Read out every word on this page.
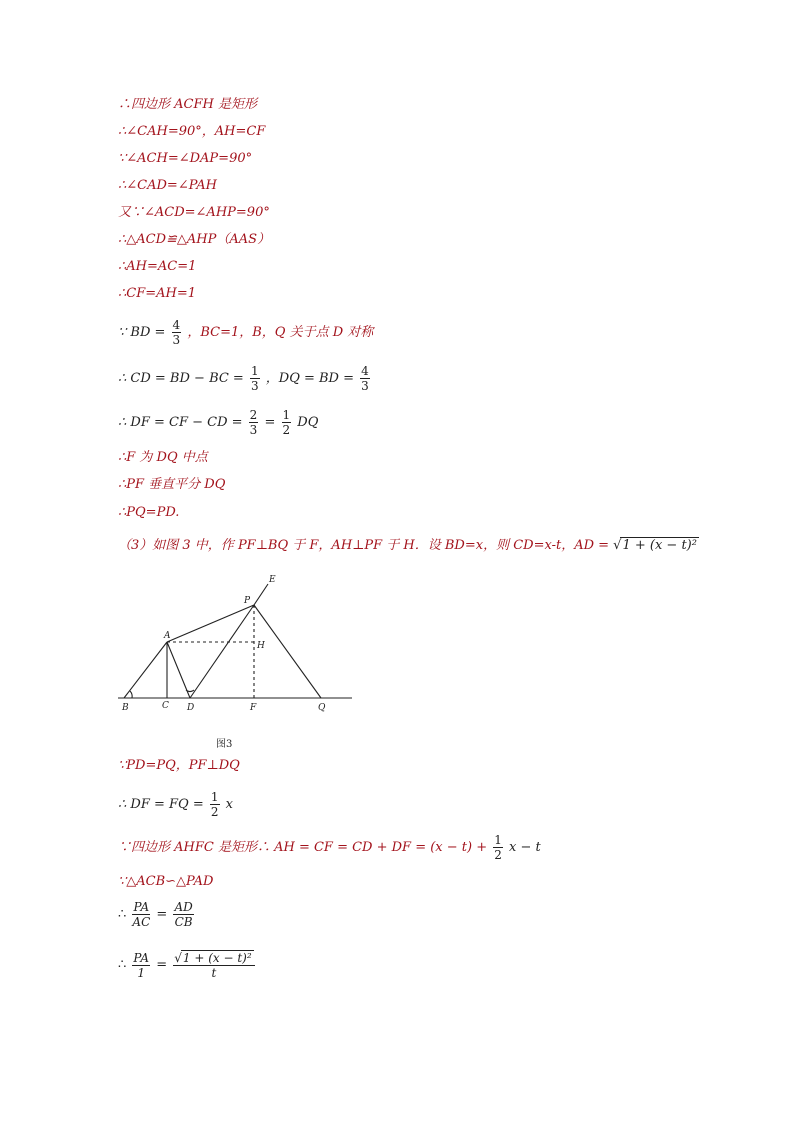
∴四边形 ACFH 是矩形
∴∠CAH=90°，AH=CF
∵∠ACH=∠DAP=90°
∴∠CAD=∠PAH
又∵∠ACD=∠AHP=90°
∴△ACD≌△AHP（AAS）
∴AH=AC=1
∴CF=AH=1
∵ BD = $\frac{4}{3}$ ，BC=1，B，Q 关于点 D 对称
∴ CD = BD − BC = $\frac{1}{3}$ ，DQ = BD = $\frac{4}{3}$
∴ DF = CF − CD = $\frac{2}{3} = \frac{1}{2}$ DQ
∴F 为 DQ 中点
∴PF 垂直平分 DQ
∴PQ=PD.
（3）如图 3 中，作 PF⊥BQ 于 F，AH⊥PF 于 H．设 BD=x，则 CD=x-t，AD = √1 + (x − t)²
E
P
A
H
B	C D	F	Q
图3
∵PD=PQ，PF⊥DQ
∴ DF = FQ = $\frac{1}{2}$ x
∵四边形 AHFC 是矩形∴ AH = CF = CD + DF = $(x - t) + \frac{1}{2}$ x − t
∵△ACB∽△PAD
∴ $\frac{PA}{AC} = \frac{AD}{CB}$
∴ $\frac{PA}{1} = \frac{\text{√1 + (x − t)²}}{t}$
